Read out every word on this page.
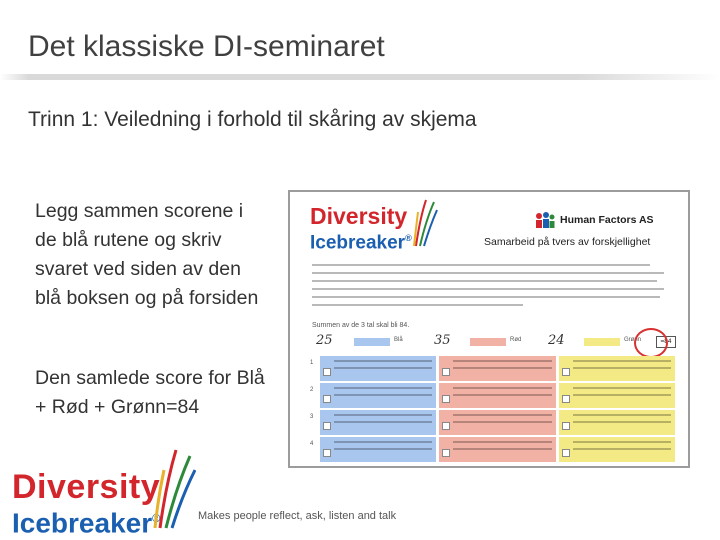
Det klassiske DI-seminaret
Trinn 1: Veiledning i forhold til skåring av skjema
Legg sammen scorene i de blå rutene og skriv svaret ved siden av den blå boksen og på forsiden
Den samlede score for Blå + Rød + Grønn=84
Diversity
Icebreaker®
Human Factors AS
Samarbeid på tvers av forskjellighet
Summen av de 3 tal skal bli 84.
25	Blå 35	Rød 24	Grønn	=84
1
2
3
4
Diversity
Icebreaker®	Makes people reflect, ask, listen and talk
